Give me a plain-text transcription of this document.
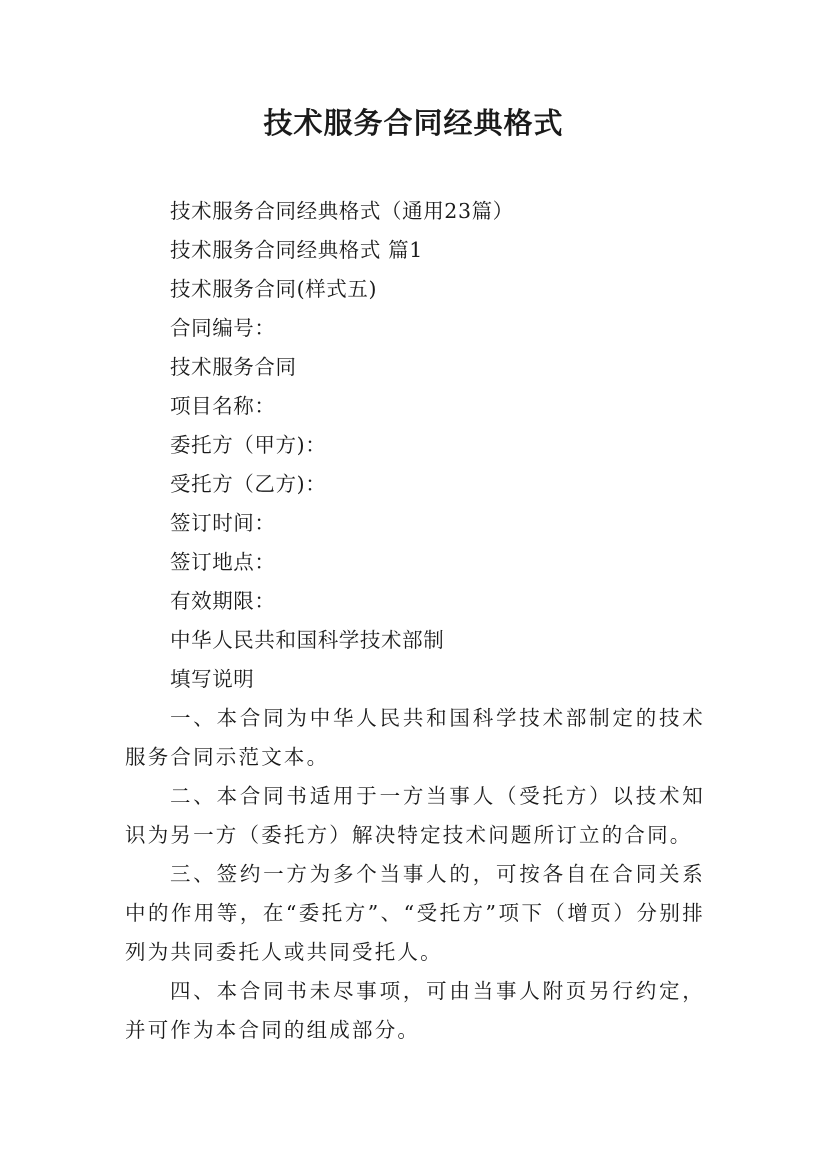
技术服务合同经典格式

技术服务合同经典格式（通用23篇）

技术服务合同经典格式 篇1

技术服务合同(样式五)

合同编号：

技术服务合同

项目名称：

委托方（甲方)：

受托方（乙方)：

签订时间：

签订地点：

有效期限：

中华人民共和国科学技术部制

填写说明

一、本合同为中华人民共和国科学技术部制定的技术服务合同示范文本。

二、本合同书适用于一方当事人（受托方）以技术知识为另一方（委托方）解决特定技术问题所订立的合同。

三、签约一方为多个当事人的，可按各自在合同关系中的作用等，在“委托方”、“受托方”项下（增页）分别排列为共同委托人或共同受托人。

四、本合同书未尽事项，可由当事人附页另行约定，并可作为本合同的组成部分。
